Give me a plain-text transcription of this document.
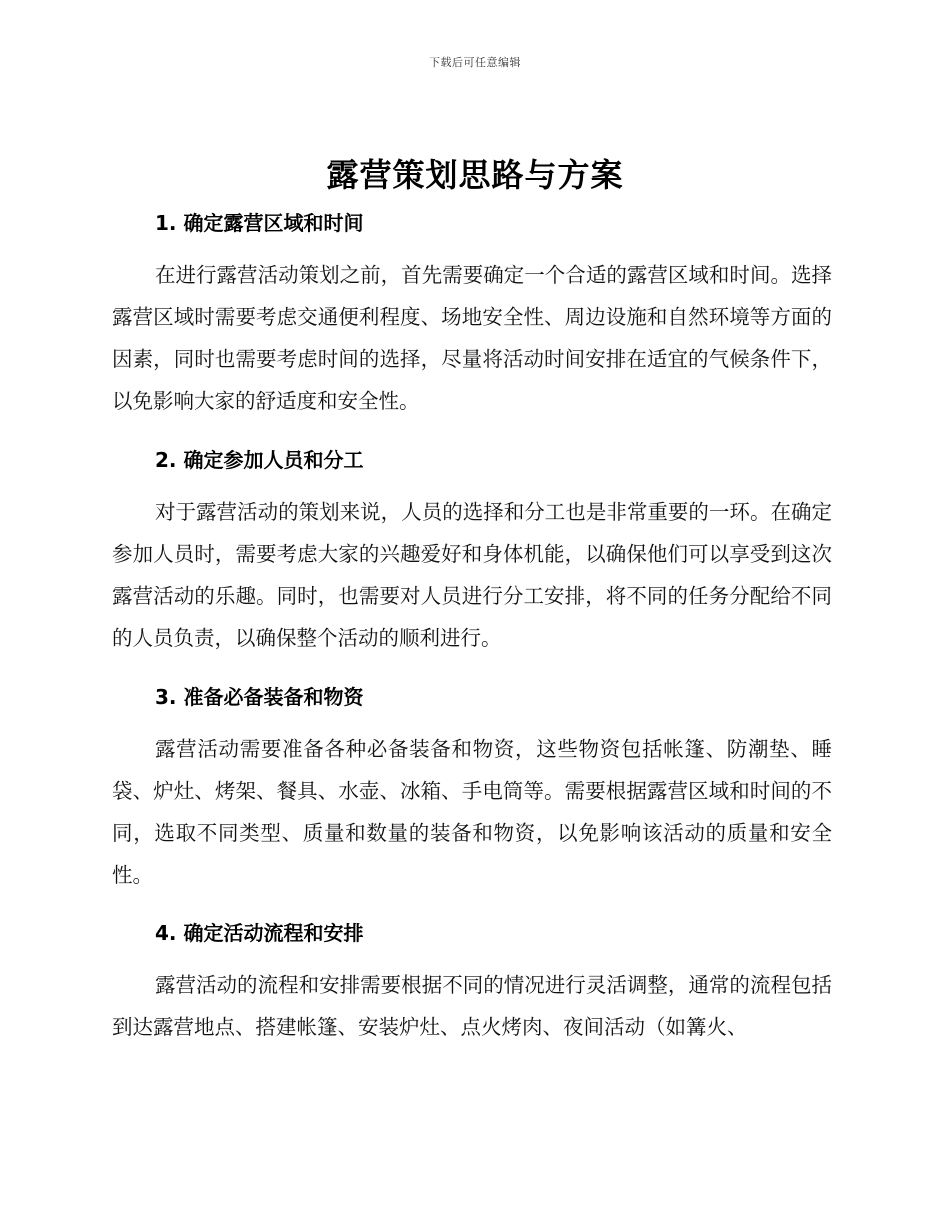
下载后可任意编辑
露营策划思路与方案
1. 确定露营区域和时间

在进行露营活动策划之前，首先需要确定一个合适的露营区域和时间。选择露营区域时需要考虑交通便利程度、场地安全性、周边设施和自然环境等方面的因素，同时也需要考虑时间的选择，尽量将活动时间安排在适宜的气候条件下，以免影响大家的舒适度和安全性。

2. 确定参加人员和分工

对于露营活动的策划来说，人员的选择和分工也是非常重要的一环。在确定参加人员时，需要考虑大家的兴趣爱好和身体机能，以确保他们可以享受到这次露营活动的乐趣。同时，也需要对人员进行分工安排，将不同的任务分配给不同的人员负责，以确保整个活动的顺利进行。

3. 准备必备装备和物资

露营活动需要准备各种必备装备和物资，这些物资包括帐篷、防潮垫、睡袋、炉灶、烤架、餐具、水壶、冰箱、手电筒等。需要根据露营区域和时间的不同，选取不同类型、质量和数量的装备和物资，以免影响该活动的质量和安全性。

4. 确定活动流程和安排

露营活动的流程和安排需要根据不同的情况进行灵活调整，通常的流程包括到达露营地点、搭建帐篷、安装炉灶、点火烤肉、夜间活动（如篝火、
